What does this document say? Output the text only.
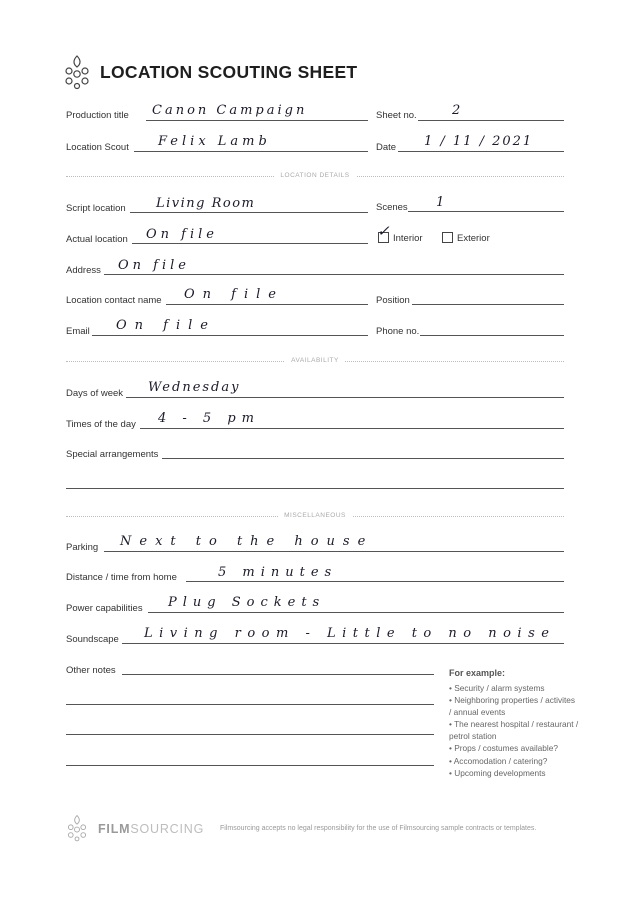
LOCATION SCOUTING SHEET
Production title Canon Campaign	Sheet no.	2
Location Scout Felix Lamb	Date 1 / 11 / 2021
LOCATION DETAILS
Script location Living Room	Scenes 1
Actual location On file	✓ Interior	Exterior
Address On file
Location contact name On file	Position
Email On file	Phone no.
AVAILABILITY
Days of week Wednesday
Times of the day 4 - 5 pm
Special arrangements
MISCELLANEOUS
Parking Next to the house
Distance / time from home	5 minutes
Power capabilities Plug Sockets
Soundscape Living room - Little to no noise
Other notes	For example:
• Security / alarm systems
• Neighboring properties / activites / annual events
• The nearest hospital / restaurant / petrol station
• Props / costumes available?
• Accomodation / catering?
• Upcoming developments
FILMSOURCING Filmsourcing accepts no legal responsibility for the use of Filmsourcing sample contracts or templates.
